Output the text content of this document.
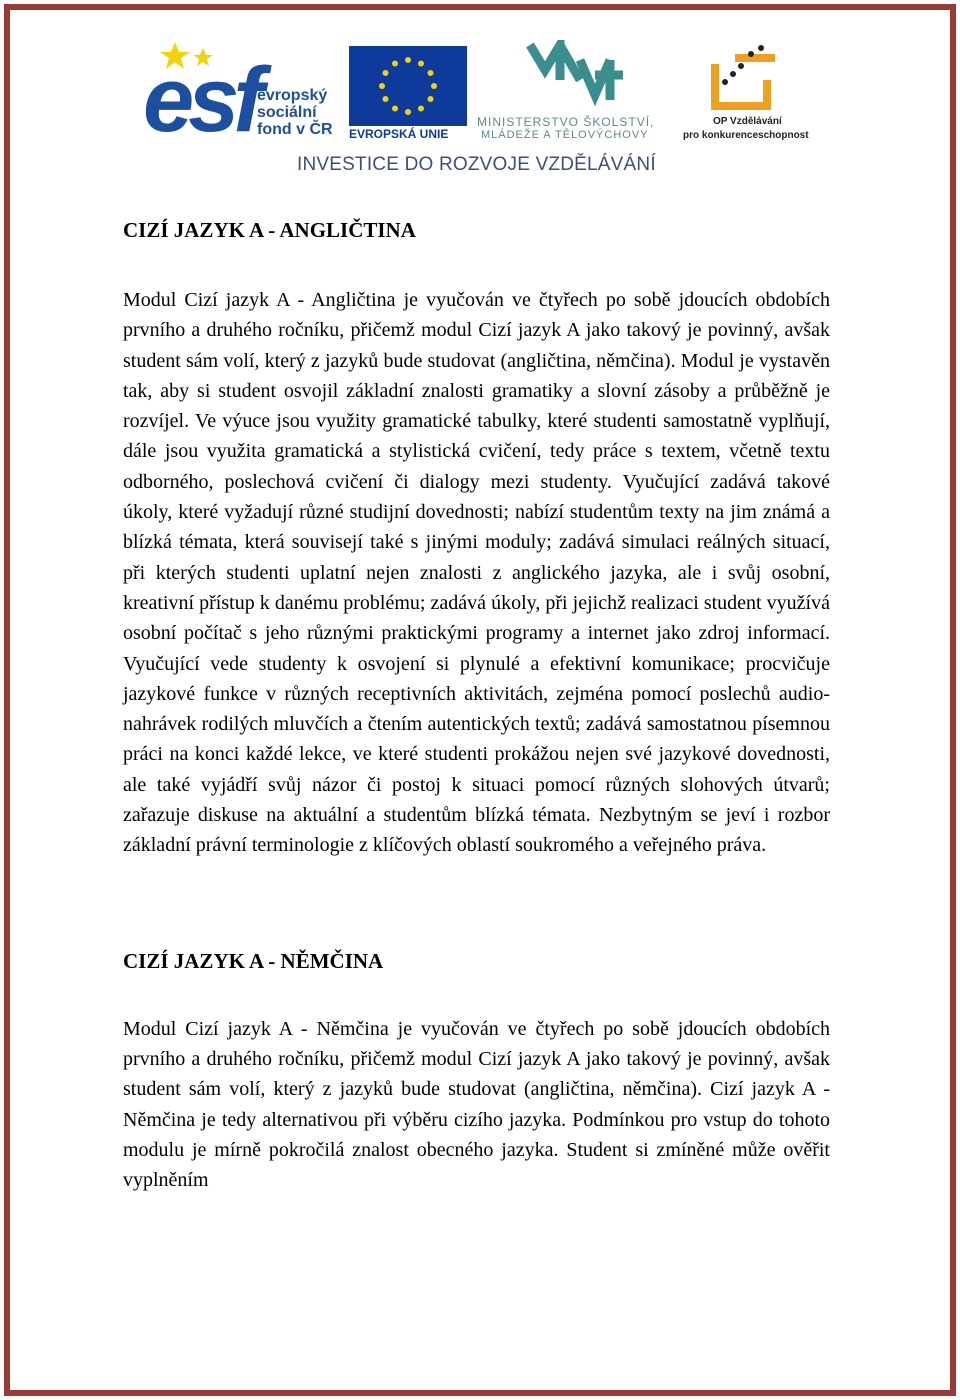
esf evropský
sociální
fond v ČR EVROPSKÁ UNIE
MINISTERSTVO ŠKOLSTVÍ,
MLÁDEŽE A TĚLOVÝCHOVY
OP Vzdělávání
pro konkurenceschopnost
INVESTICE DO ROZVOJE VZDĚLÁVÁNÍ
CIZÍ JAZYK A - ANGLIČTINA

Modul Cizí jazyk A - Angličtina je vyučován ve čtyřech po sobě jdoucích obdobích prvního a druhého ročníku, přičemž modul Cizí jazyk A jako takový je povinný, avšak student sám volí, který z jazyků bude studovat (angličtina, němčina). Modul je vystavěn tak, aby si student osvojil základní znalosti gramatiky a slovní zásoby a průběžně je rozvíjel. Ve výuce jsou využity gramatické tabulky, které studenti samostatně vyplňují, dále jsou využita gramatická a stylistická cvičení, tedy práce s textem, včetně textu odborného, poslechová cvičení či dialogy mezi studenty. Vyučující zadává takové úkoly, které vyžadují různé studijní dovednosti; nabízí studentům texty na jim známá a blízká témata, která souvisejí také s jinými moduly; zadává simulaci reálných situací, při kterých studenti uplatní nejen znalosti z anglického jazyka, ale i svůj osobní, kreativní přístup k danému problému; zadává úkoly, při jejichž realizaci student využívá osobní počítač s jeho různými praktickými programy a internet jako zdroj informací. Vyučující vede studenty k osvojení si plynulé a efektivní komunikace; procvičuje jazykové funkce v různých receptivních aktivitách, zejména pomocí poslechů audio-nahrávek rodilých mluvčích a čtením autentických textů; zadává samostatnou písemnou práci na konci každé lekce, ve které studenti prokážou nejen své jazykové dovednosti, ale také vyjádří svůj názor či postoj k situaci pomocí různých slohových útvarů; zařazuje diskuse na aktuální a studentům blízká témata. Nezbytným se jeví i rozbor základní právní terminologie z klíčových oblastí soukromého a veřejného práva.

CIZÍ JAZYK A - NĚMČINA

Modul Cizí jazyk A - Němčina je vyučován ve čtyřech po sobě jdoucích obdobích prvního a druhého ročníku, přičemž modul Cizí jazyk A jako takový je povinný, avšak student sám volí, který z jazyků bude studovat (angličtina, němčina). Cizí jazyk A - Němčina je tedy alternativou při výběru cizího jazyka. Podmínkou pro vstup do tohoto modulu je mírně pokročilá znalost obecného jazyka. Student si zmíněné může ověřit vyplněním
